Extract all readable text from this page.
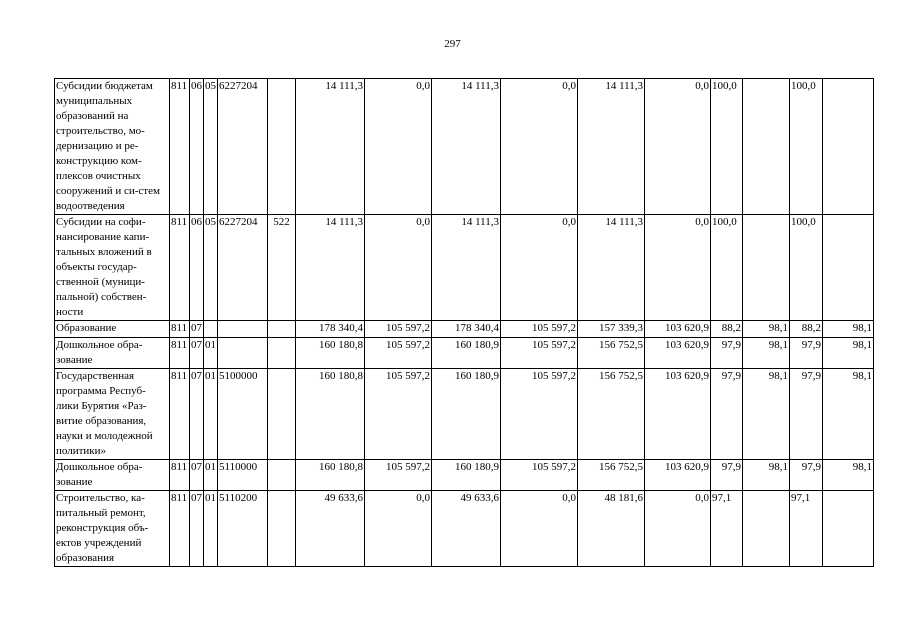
297
Субсидии бюджетам муниципальных образований на строительство, мо-дернизацию и ре-конструкцию ком-плексов очистных сооружений и си-стем водоотведения	811	06	05	6227204		14 111,3	0,0	14 111,3	0,0	14 111,3	0,0	100,0		100,0	
Субсидии на софи-нансирование капи-тальных вложений в объекты государ-ственной (муници-пальной) собствен-ности	811	06	05	6227204	522	14 111,3	0,0	14 111,3	0,0	14 111,3	0,0	100,0		100,0	
Образование	811	07				178 340,4	105 597,2	178 340,4	105 597,2	157 339,3	103 620,9	88,2	98,1	88,2	98,1
Дошкольное обра-зование	811	07	01			160 180,8	105 597,2	160 180,9	105 597,2	156 752,5	103 620,9	97,9	98,1	97,9	98,1
Государственная программа Респуб-лики Бурятия «Раз-витие образования, науки и молодежной политики»	811	07	01	5100000		160 180,8	105 597,2	160 180,9	105 597,2	156 752,5	103 620,9	97,9	98,1	97,9	98,1
Дошкольное обра-зование	811	07	01	5110000		160 180,8	105 597,2	160 180,9	105 597,2	156 752,5	103 620,9	97,9	98,1	97,9	98,1
Строительство, ка-питальный ремонт, реконструкция объ-ектов учреждений образования	811	07	01	5110200		49 633,6	0,0	49 633,6	0,0	48 181,6	0,0	97,1		97,1	
